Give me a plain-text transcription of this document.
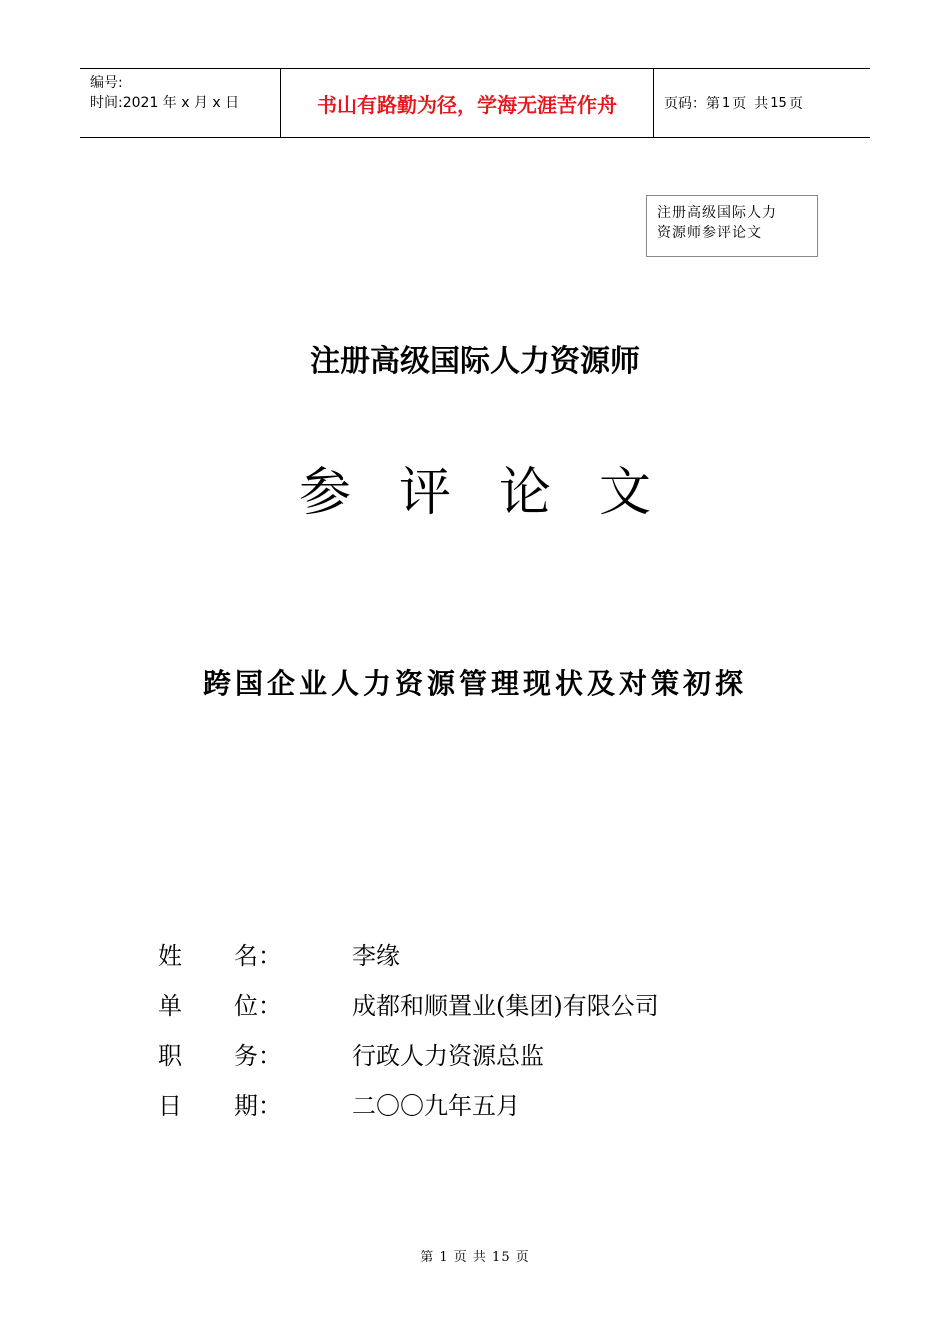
编号:
时间:2021 年 x 月 x 日	书山有路勤为径，学海无涯苦作舟	页码：第 1 页 共 15 页
注册高级国际人力
资源师参评论文
注册高级国际人力资源师
参评论文
跨国企业人力资源管理现状及对策初探
姓 名：	李缘
单 位：	成都和顺置业(集团)有限公司
职 务：	行政人力资源总监
日 期：	二〇〇九年五月
第 1 页 共 15 页
